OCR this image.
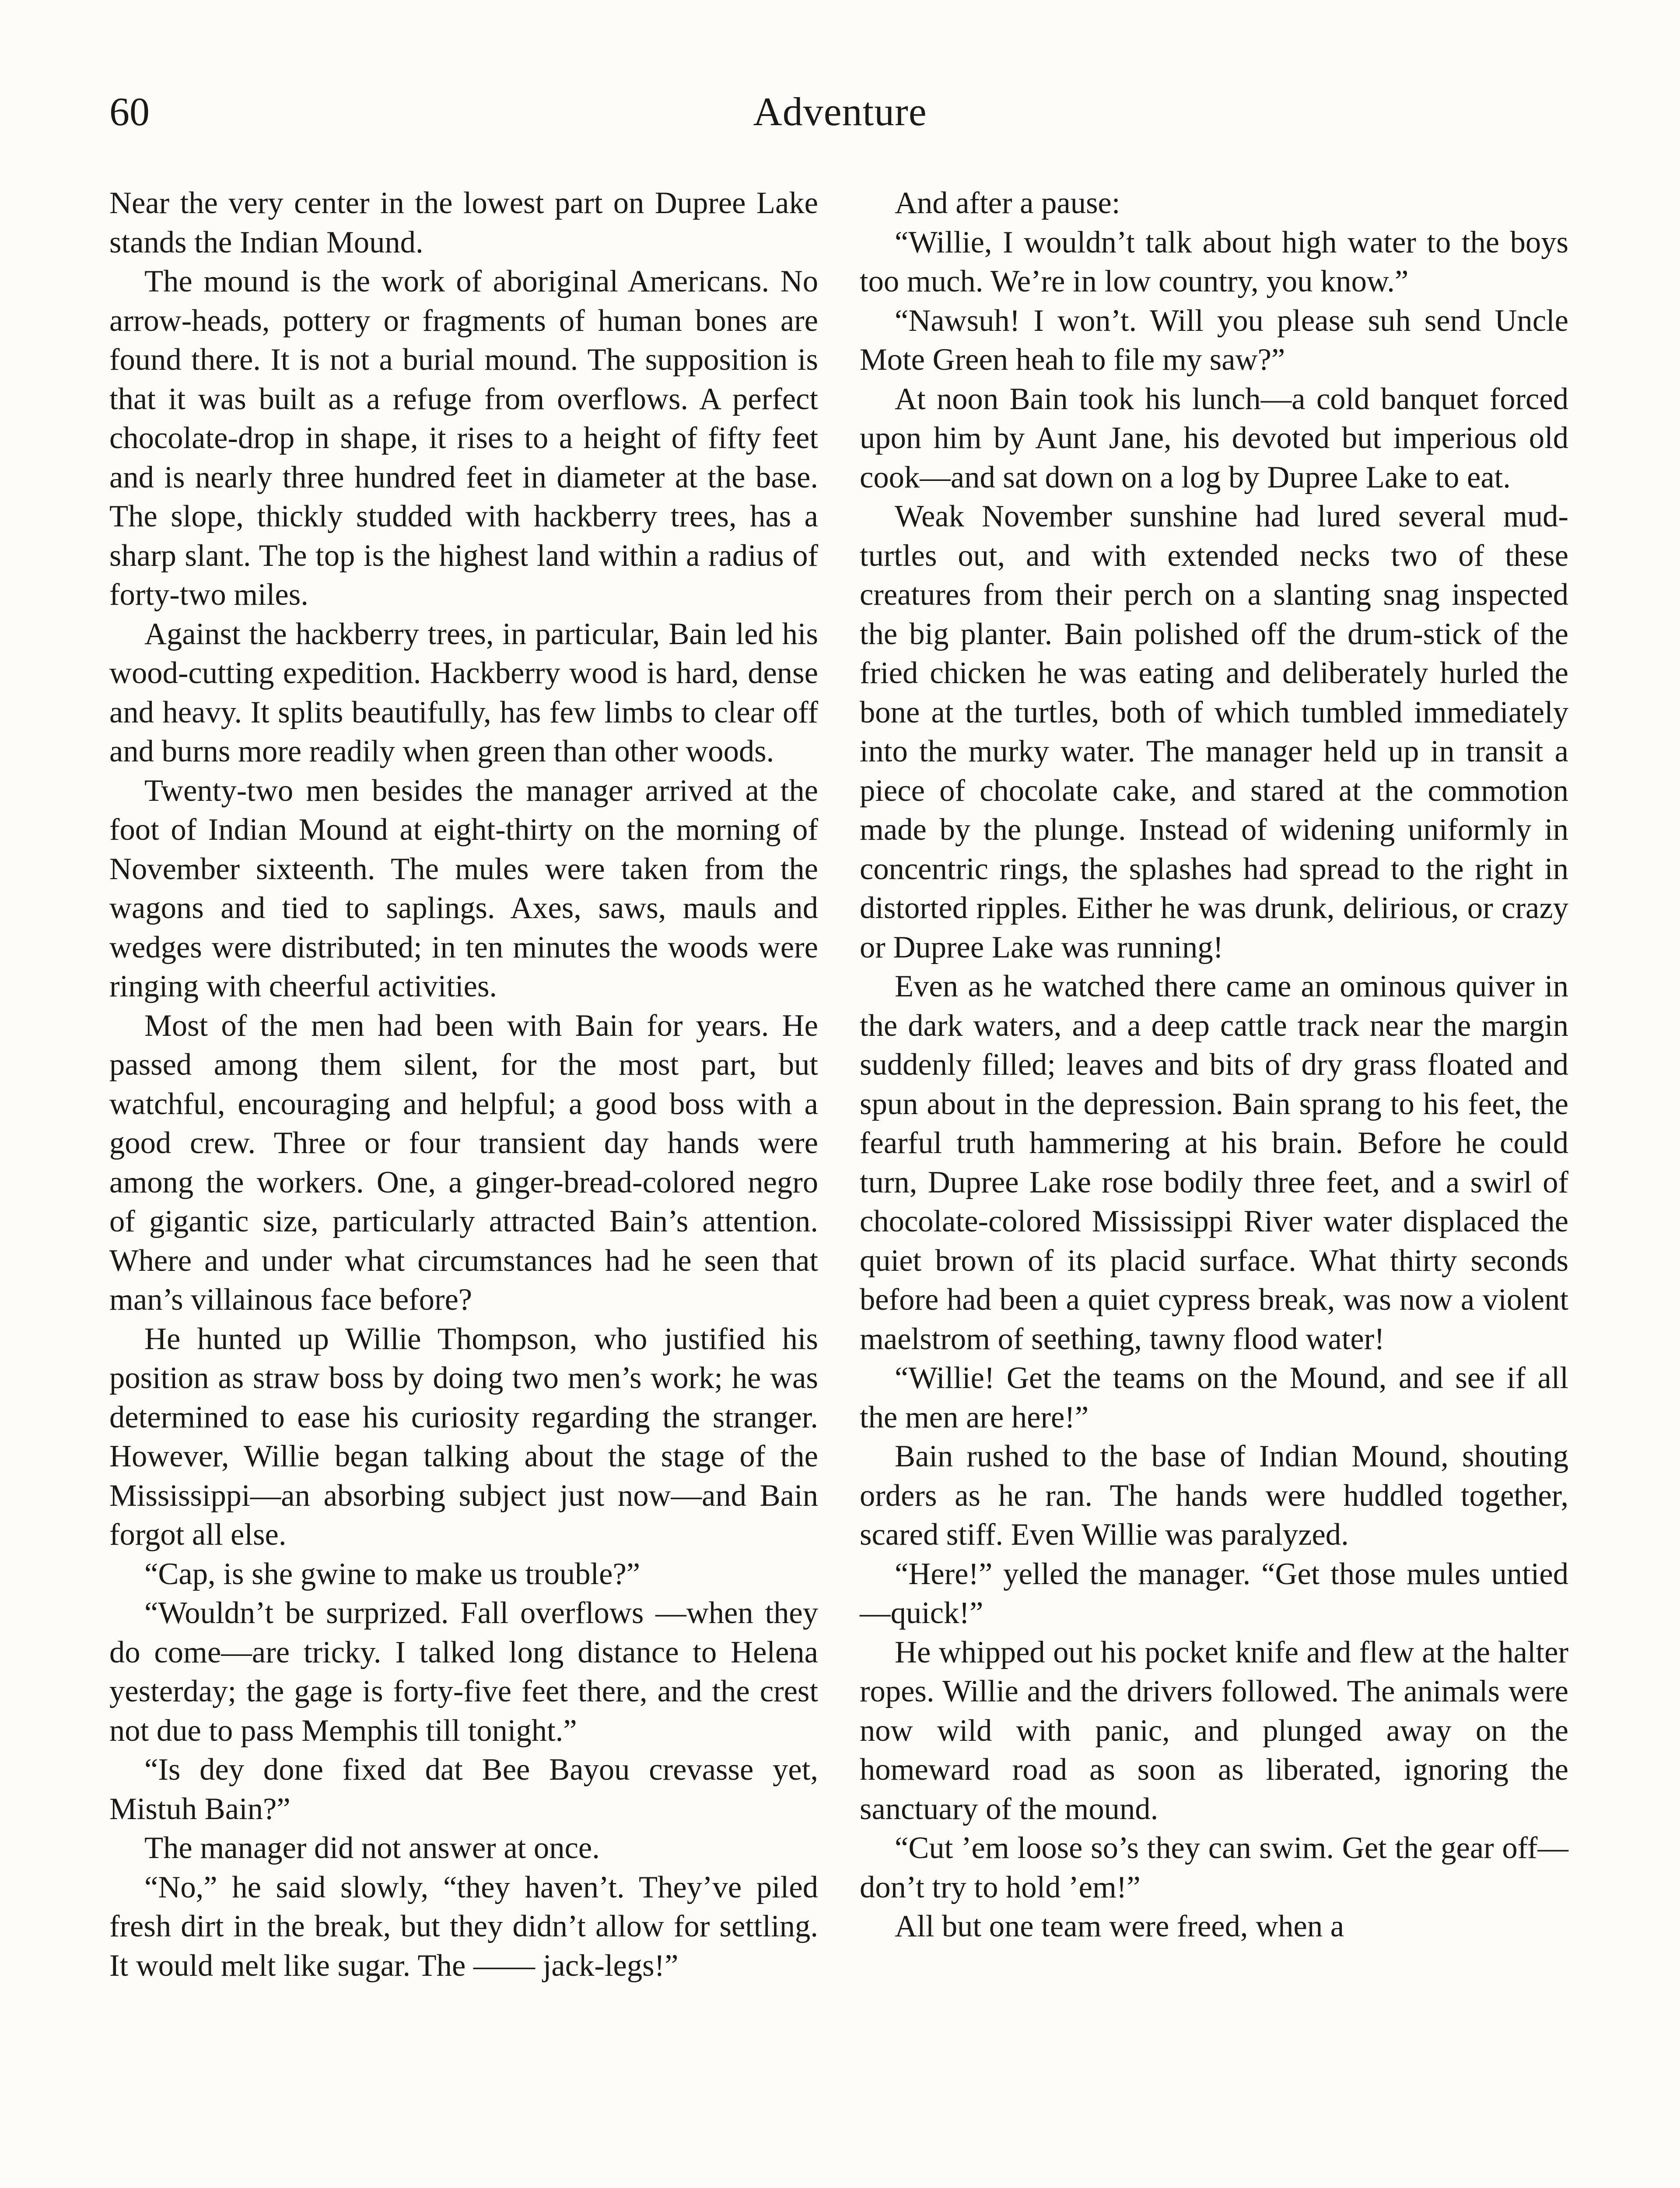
60	Adventure

Near the very center in the lowest part on Dupree Lake stands the Indian Mound.

The mound is the work of aboriginal Americans. No arrow-heads, pottery or fragments of human bones are found there. It is not a burial mound. The supposition is that it was built as a refuge from overflows. A perfect chocolate-drop in shape, it rises to a height of fifty feet and is nearly three hundred feet in diameter at the base. The slope, thickly studded with hackberry trees, has a sharp slant. The top is the highest land within a radius of forty-two miles.

Against the hackberry trees, in particular, Bain led his wood-cutting expedition. Hackberry wood is hard, dense and heavy. It splits beautifully, has few limbs to clear off and burns more readily when green than other woods.

Twenty-two men besides the manager arrived at the foot of Indian Mound at eight-thirty on the morning of November sixteenth. The mules were taken from the wagons and tied to saplings. Axes, saws, mauls and wedges were distributed; in ten minutes the woods were ringing with cheerful activities.

Most of the men had been with Bain for years. He passed among them silent, for the most part, but watchful, encouraging and helpful; a good boss with a good crew. Three or four transient day hands were among the workers. One, a ginger-bread-colored negro of gigantic size, particularly attracted Bain’s attention. Where and under what circumstances had he seen that man’s villainous face before?

He hunted up Willie Thompson, who justified his position as straw boss by doing two men’s work; he was determined to ease his curiosity regarding the stranger. However, Willie began talking about the stage of the Mississippi—an absorbing subject just now—and Bain forgot all else.

“Cap, is she gwine to make us trouble?”

“Wouldn’t be surprized. Fall overflows —when they do come—are tricky. I talked long distance to Helena yesterday; the gage is forty-five feet there, and the crest not due to pass Memphis till tonight.”

“Is dey done fixed dat Bee Bayou crevasse yet, Mistuh Bain?”

The manager did not answer at once.

“No,” he said slowly, “they haven’t. They’ve piled fresh dirt in the break, but they didn’t allow for settling. It would melt like sugar. The —— jack-legs!”

And after a pause:

“Willie, I wouldn’t talk about high water to the boys too much. We’re in low country, you know.”

“Nawsuh! I won’t. Will you please suh send Uncle Mote Green heah to file my saw?”

At noon Bain took his lunch—a cold banquet forced upon him by Aunt Jane, his devoted but imperious old cook—and sat down on a log by Dupree Lake to eat.

Weak November sunshine had lured several mud-turtles out, and with extended necks two of these creatures from their perch on a slanting snag inspected the big planter. Bain polished off the drum-stick of the fried chicken he was eating and deliberately hurled the bone at the turtles, both of which tumbled immediately into the murky water. The manager held up in transit a piece of chocolate cake, and stared at the commotion made by the plunge. Instead of widening uniformly in concentric rings, the splashes had spread to the right in distorted ripples. Either he was drunk, delirious, or crazy or Dupree Lake was running!

Even as he watched there came an ominous quiver in the dark waters, and a deep cattle track near the margin suddenly filled; leaves and bits of dry grass floated and spun about in the depression. Bain sprang to his feet, the fearful truth hammering at his brain. Before he could turn, Dupree Lake rose bodily three feet, and a swirl of chocolate-colored Mississippi River water displaced the quiet brown of its placid surface. What thirty seconds before had been a quiet cypress break, was now a violent maelstrom of seething, tawny flood water!

“Willie! Get the teams on the Mound, and see if all the men are here!”

Bain rushed to the base of Indian Mound, shouting orders as he ran. The hands were huddled together, scared stiff. Even Willie was paralyzed.

“Here!” yelled the manager. “Get those mules untied—quick!”

He whipped out his pocket knife and flew at the halter ropes. Willie and the drivers followed. The animals were now wild with panic, and plunged away on the homeward road as soon as liberated, ignoring the sanctuary of the mound.

“Cut ’em loose so’s they can swim. Get the gear off—don’t try to hold ’em!”

All but one team were freed, when a
